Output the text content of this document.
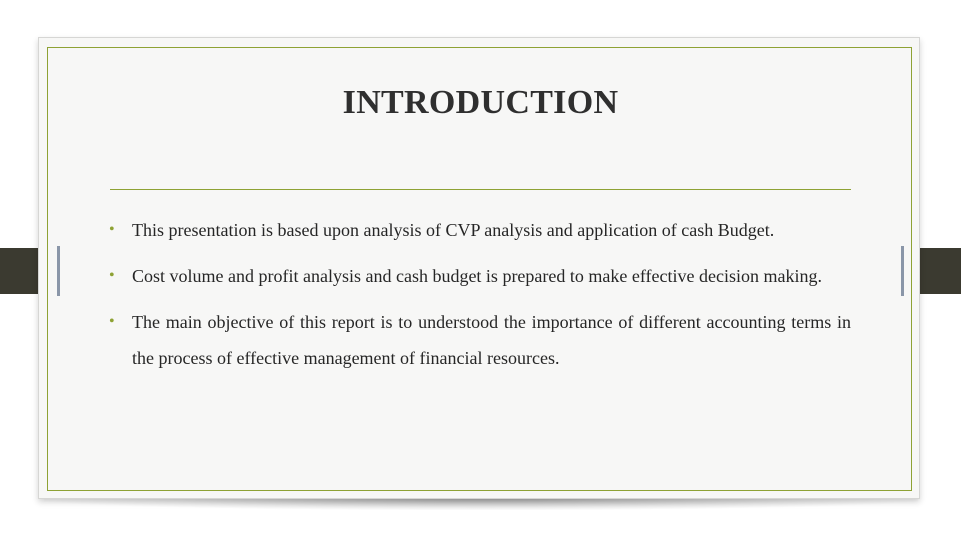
INTRODUCTION
• This presentation is based upon analysis of CVP analysis and application of cash Budget.
• Cost volume and profit analysis and cash budget is prepared to make effective decision making.
• The main objective of this report is to understood the importance of different accounting terms in the process of effective management of financial resources.
